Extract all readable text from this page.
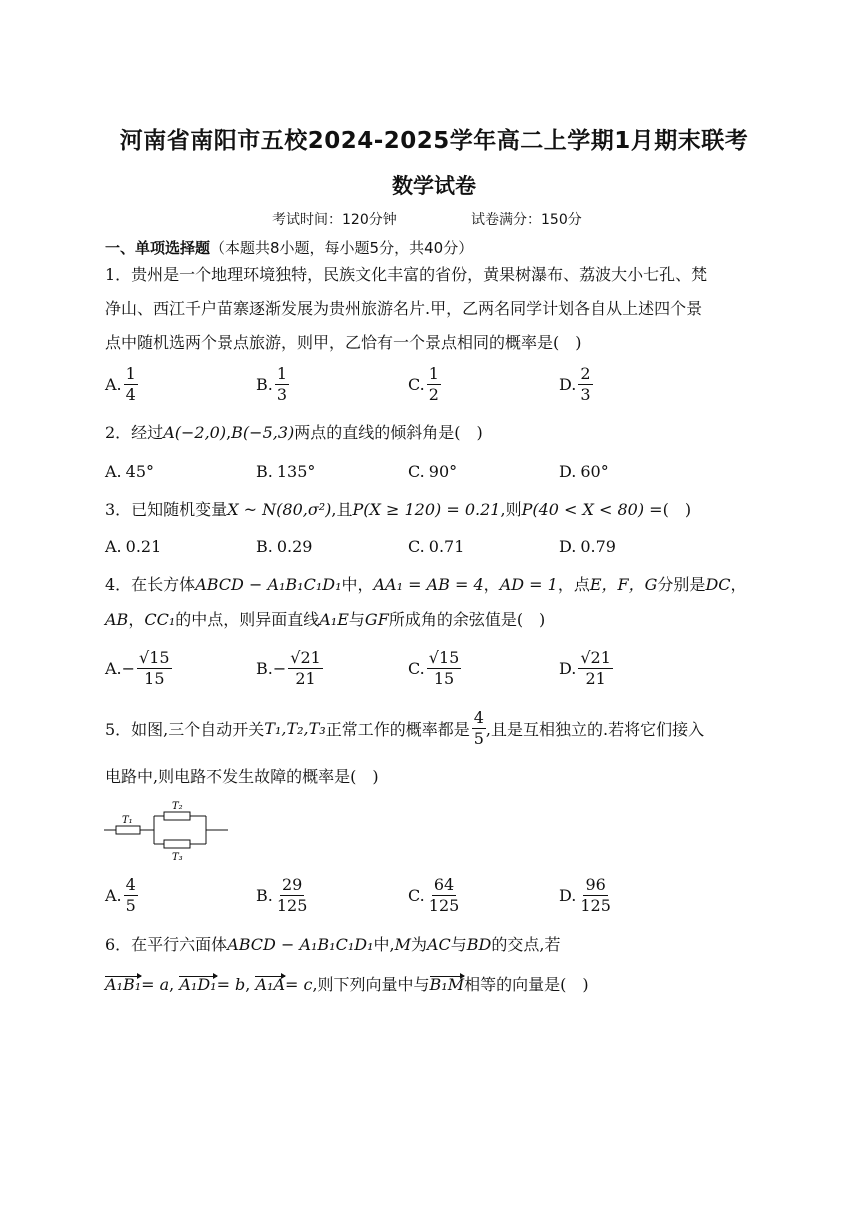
河南省南阳市五校2024-2025学年高二上学期1月期末联考
数学试卷
考试时间：120分钟	试卷满分：150分
一、单项选择题（本题共8小题，每小题5分，共40分）
1．贵州是一个地理环境独特，民族文化丰富的省份，黄果树瀑布、荔波大小七孔、梵
净山、西江千户苗寨逐渐发展为贵州旅游名片.甲，乙两名同学计划各自从上述四个景
点中随机选两个景点旅游，则甲，乙恰有一个景点相同的概率是(　)
A. $\frac{1}{4}$	B. $\frac{1}{3}$	C. $\frac{1}{2}$	D. $\frac{2}{3}$
2．经过A(−2,0),B(−5,3)两点的直线的倾斜角是(　)
A. 45°	B. 135°	C. 90°	D. 60°
3．已知随机变量X ~ N(80,σ²),且P(X ≥ 120) = 0.21,则P(40 < X < 80) =(　)
A. 0.21	B. 0.29	C. 0.71	D. 0.79
4．在长方体ABCD − A₁B₁C₁D₁中，AA₁ = AB = 4，AD = 1，点E，F，G分别是DC，
AB，CC₁的中点，则异面直线A₁E与GF所成角的余弦值是(　)
A. − $\frac{√15}{15}$	B. − $\frac{√21}{21}$	C. $\frac{√15}{15}$	D. $\frac{√21}{21}$
5．如图,三个自动开关 T₁,T₂,T₃ 正常工作的概率都是 $\frac{4}{5}$ ,且是互相独立的.若将它们接入
电路中,则电路不发生故障的概率是(　)
T₁
T₂
T₃
A. $\frac{4}{5}$	B. $\frac{29}{125}$	C. $\frac{64}{125}$	D. $\frac{96}{125}$
6．在平行六面体ABCD − A₁B₁C₁D₁中,M为AC与BD的交点,若
A₁B₁= a, A₁D₁= b, A₁A= c,则下列向量中与B₁M相等的向量是(　)
